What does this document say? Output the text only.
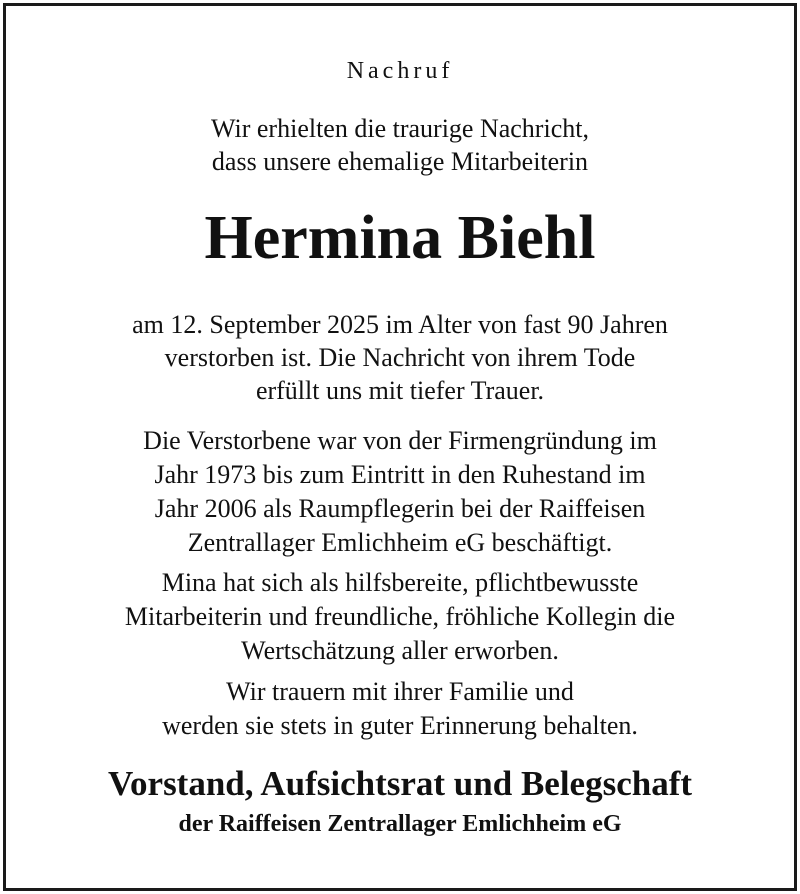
Nachruf
Wir erhielten die traurige Nachricht,
dass unsere ehemalige Mitarbeiterin
Hermina Biehl
am 12. September 2025 im Alter von fast 90 Jahren
verstorben ist. Die Nachricht von ihrem Tode
erfüllt uns mit tiefer Trauer.
Die Verstorbene war von der Firmengründung im
Jahr 1973 bis zum Eintritt in den Ruhestand im
Jahr 2006 als Raumpflegerin bei der Raiffeisen
Zentrallager Emlichheim eG beschäftigt.
Mina hat sich als hilfsbereite, pflichtbewusste
Mitarbeiterin und freundliche, fröhliche Kollegin die
Wertschätzung aller erworben.
Wir trauern mit ihrer Familie und
werden sie stets in guter Erinnerung behalten.
Vorstand, Aufsichtsrat und Belegschaft
der Raiffeisen Zentrallager Emlichheim eG
